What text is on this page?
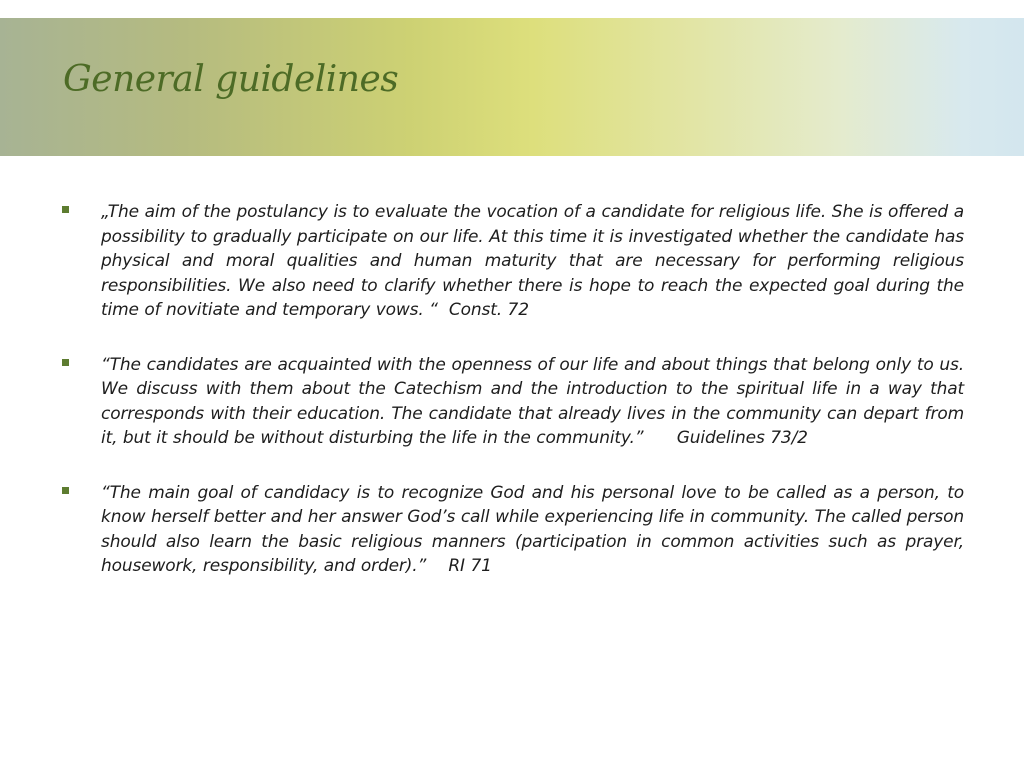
General guidelines

„The aim of the postulancy is to evaluate the vocation of a candidate for religious life. She is offered a possibility to gradually participate on our life. At this time it is investigated whether the candidate has physical and moral qualities and human maturity that are necessary for performing religious responsibilities. We also need to clarify whether there is hope to reach the expected goal during the time of novitiate and temporary vows. “  Const. 72

“The candidates are acquainted with the openness of our life and about things that belong only to us. We discuss with them about the Catechism and the introduction to the spiritual life in a way that corresponds with their education. The candidate that already lives in the community can depart from it, but it should be without disturbing the life in the community.”      Guidelines 73/2

“The main goal of candidacy is to recognize God and his personal love to be called as a person, to know herself better and her answer God’s call while experiencing life in community. The called person should also learn the basic religious manners (participation in common activities such as prayer, housework, responsibility, and order).”    RI 71
